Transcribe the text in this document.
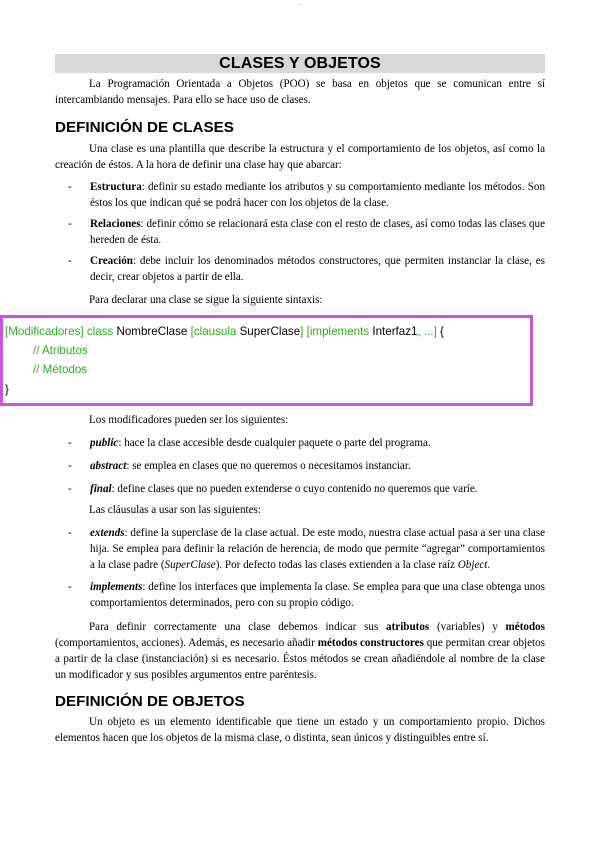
...
CLASES Y OBJETOS

La Programación Orientada a Objetos (POO) se basa en objetos que se comunican entre sí intercambiando mensajes. Para ello se hace uso de clases.

DEFINICIÓN DE CLASES

Una clase es una plantilla que describe la estructura y el comportamiento de los objetos, así como la creación de éstos. A la hora de definir una clase hay que abarcar:

- Estructura: definir su estado mediante los atributos y su comportamiento mediante los métodos. Son éstos los que indican qué se podrá hacer con los objetos de la clase.
- Relaciones: definir cómo se relacionará esta clase con el resto de clases, así como todas las clases que hereden de ésta.
- Creación: debe incluir los denominados métodos constructores, que permiten instanciar la clase, es decir, crear objetos a partir de ella.

Para declarar una clase se sigue la siguiente sintaxis:

[Modificadores] class NombreClase [clausula SuperClase] [implements Interfaz1, ...] {
// Atributos
// Métodos
}

Los modificadores pueden ser los siguientes:

- public: hace la clase accesible desde cualquier paquete o parte del programa.
- abstract: se emplea en clases que no queremos o necesitamos instanciar.
- final: define clases que no pueden extenderse o cuyo contenido no queremos que varíe.

Las cláusulas a usar son las siguientes:

- extends: define la superclase de la clase actual. De este modo, nuestra clase actual pasa a ser una clase hija. Se emplea para definir la relación de herencia, de modo que permite “agregar” comportamientos a la clase padre (SuperClase). Por defecto todas las clases extienden a la clase raíz Object.
- implements: define los interfaces que implementa la clase. Se emplea para que una clase obtenga unos comportamientos determinados, pero con su propio código.

Para definir correctamente una clase debemos indicar sus atributos (variables) y métodos (comportamientos, acciones). Además, es necesario añadir métodos constructores que permitan crear objetos a partir de la clase (instanciación) si es necesario. Éstos métodos se crean añadiéndole al nombre de la clase un modificador y sus posibles argumentos entre paréntesis.

DEFINICIÓN DE OBJETOS

Un objeto es un elemento identificable que tiene un estado y un comportamiento propio. Dichos elementos hacen que los objetos de la misma clase, o distinta, sean únicos y distinguibles entre sí.
